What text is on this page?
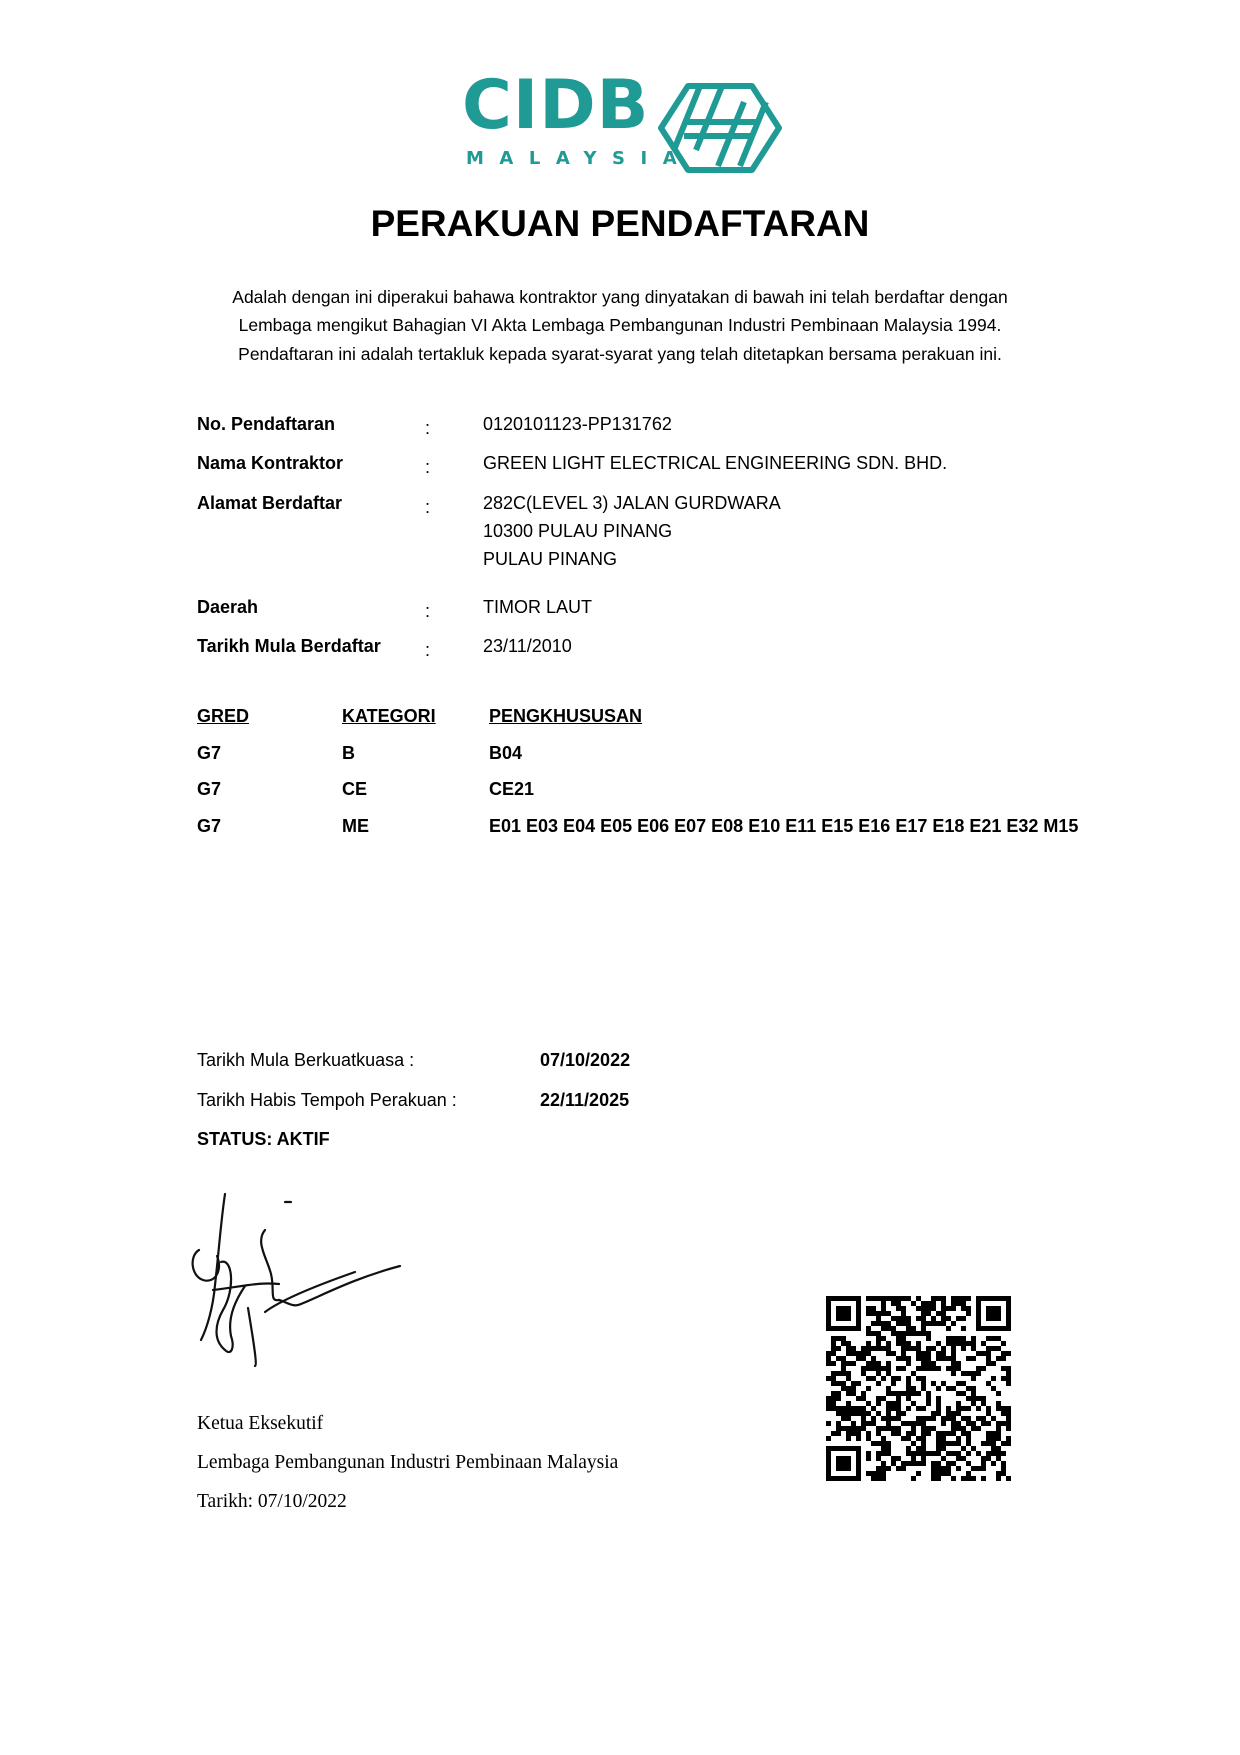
CIDB
MALAYSIA
PERAKUAN PENDAFTARAN
Adalah dengan ini diperakui bahawa kontraktor yang dinyatakan di bawah ini telah berdaftar dengan
Lembaga mengikut Bahagian VI Akta Lembaga Pembangunan Industri Pembinaan Malaysia 1994.
Pendaftaran ini adalah tertakluk kepada syarat-syarat yang telah ditetapkan bersama perakuan ini.
No. Pendaftaran	:	0120101123-PP131762
Nama Kontraktor	:	GREEN LIGHT ELECTRICAL ENGINEERING SDN. BHD.
Alamat Berdaftar	:	282C(LEVEL 3) JALAN GURDWARA
10300 PULAU PINANG
PULAU PINANG
Daerah	:	TIMOR LAUT
Tarikh Mula Berdaftar :	23/11/2010
GRED	KATEGORI	PENGKHUSUSAN
G7	B	B04
G7	CE	CE21
G7	ME	E01 E03 E04 E05 E06 E07 E08 E10 E11 E15 E16 E17 E18 E21 E32 M15
Tarikh Mula Berkuatkuasa :	07/10/2022
Tarikh Habis Tempoh Perakuan :	22/11/2025
STATUS: AKTIF
Ketua Eksekutif
Lembaga Pembangunan Industri Pembinaan Malaysia
Tarikh: 07/10/2022
